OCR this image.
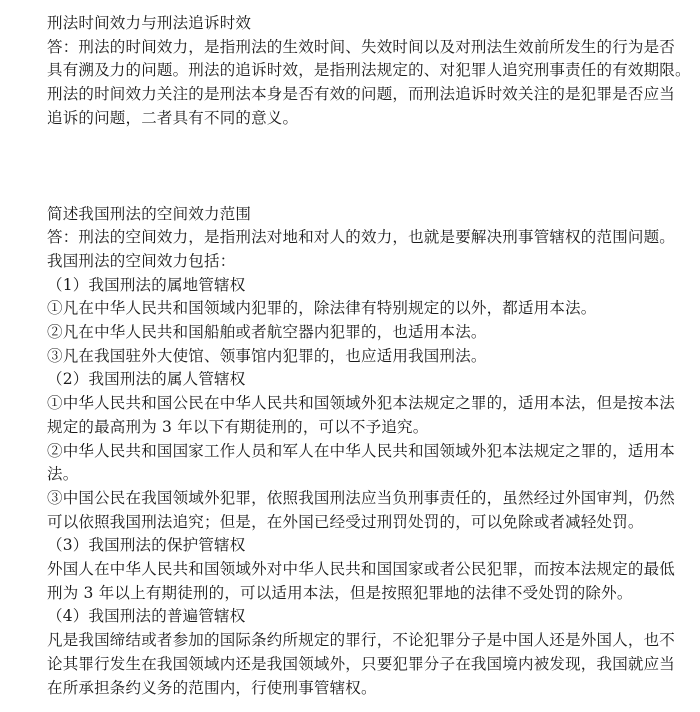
刑法时间效力与刑法追诉时效
答：刑法的时间效力，是指刑法的生效时间、失效时间以及对刑法生效前所发生的行为是否
具有溯及力的问题。刑法的追诉时效，是指刑法规定的、对犯罪人追究刑事责任的有效期限。
刑法的时间效力关注的是刑法本身是否有效的问题，而刑法追诉时效关注的是犯罪是否应当
追诉的问题，二者具有不同的意义。
简述我国刑法的空间效力范围
答：刑法的空间效力，是指刑法对地和对人的效力，也就是要解决刑事管辖权的范围问题。
我国刑法的空间效力包括：
（1）我国刑法的属地管辖权
①凡在中华人民共和国领域内犯罪的，除法律有特别规定的以外，都适用本法。
②凡在中华人民共和国船舶或者航空器内犯罪的，也适用本法。
③凡在我国驻外大使馆、领事馆内犯罪的，也应适用我国刑法。
（2）我国刑法的属人管辖权
①中华人民共和国公民在中华人民共和国领域外犯本法规定之罪的，适用本法，但是按本法
规定的最高刑为 3 年以下有期徒刑的，可以不予追究。
②中华人民共和国国家工作人员和军人在中华人民共和国领域外犯本法规定之罪的，适用本
法。
③中国公民在我国领域外犯罪，依照我国刑法应当负刑事责任的，虽然经过外国审判，仍然
可以依照我国刑法追究；但是，在外国已经受过刑罚处罚的，可以免除或者减轻处罚。
（3）我国刑法的保护管辖权
外国人在中华人民共和国领域外对中华人民共和国国家或者公民犯罪，而按本法规定的最低
刑为 3 年以上有期徒刑的，可以适用本法，但是按照犯罪地的法律不受处罚的除外。
（4）我国刑法的普遍管辖权
凡是我国缔结或者参加的国际条约所规定的罪行，不论犯罪分子是中国人还是外国人，也不
论其罪行发生在我国领域内还是我国领域外，只要犯罪分子在我国境内被发现，我国就应当
在所承担条约义务的范围内，行使刑事管辖权。
